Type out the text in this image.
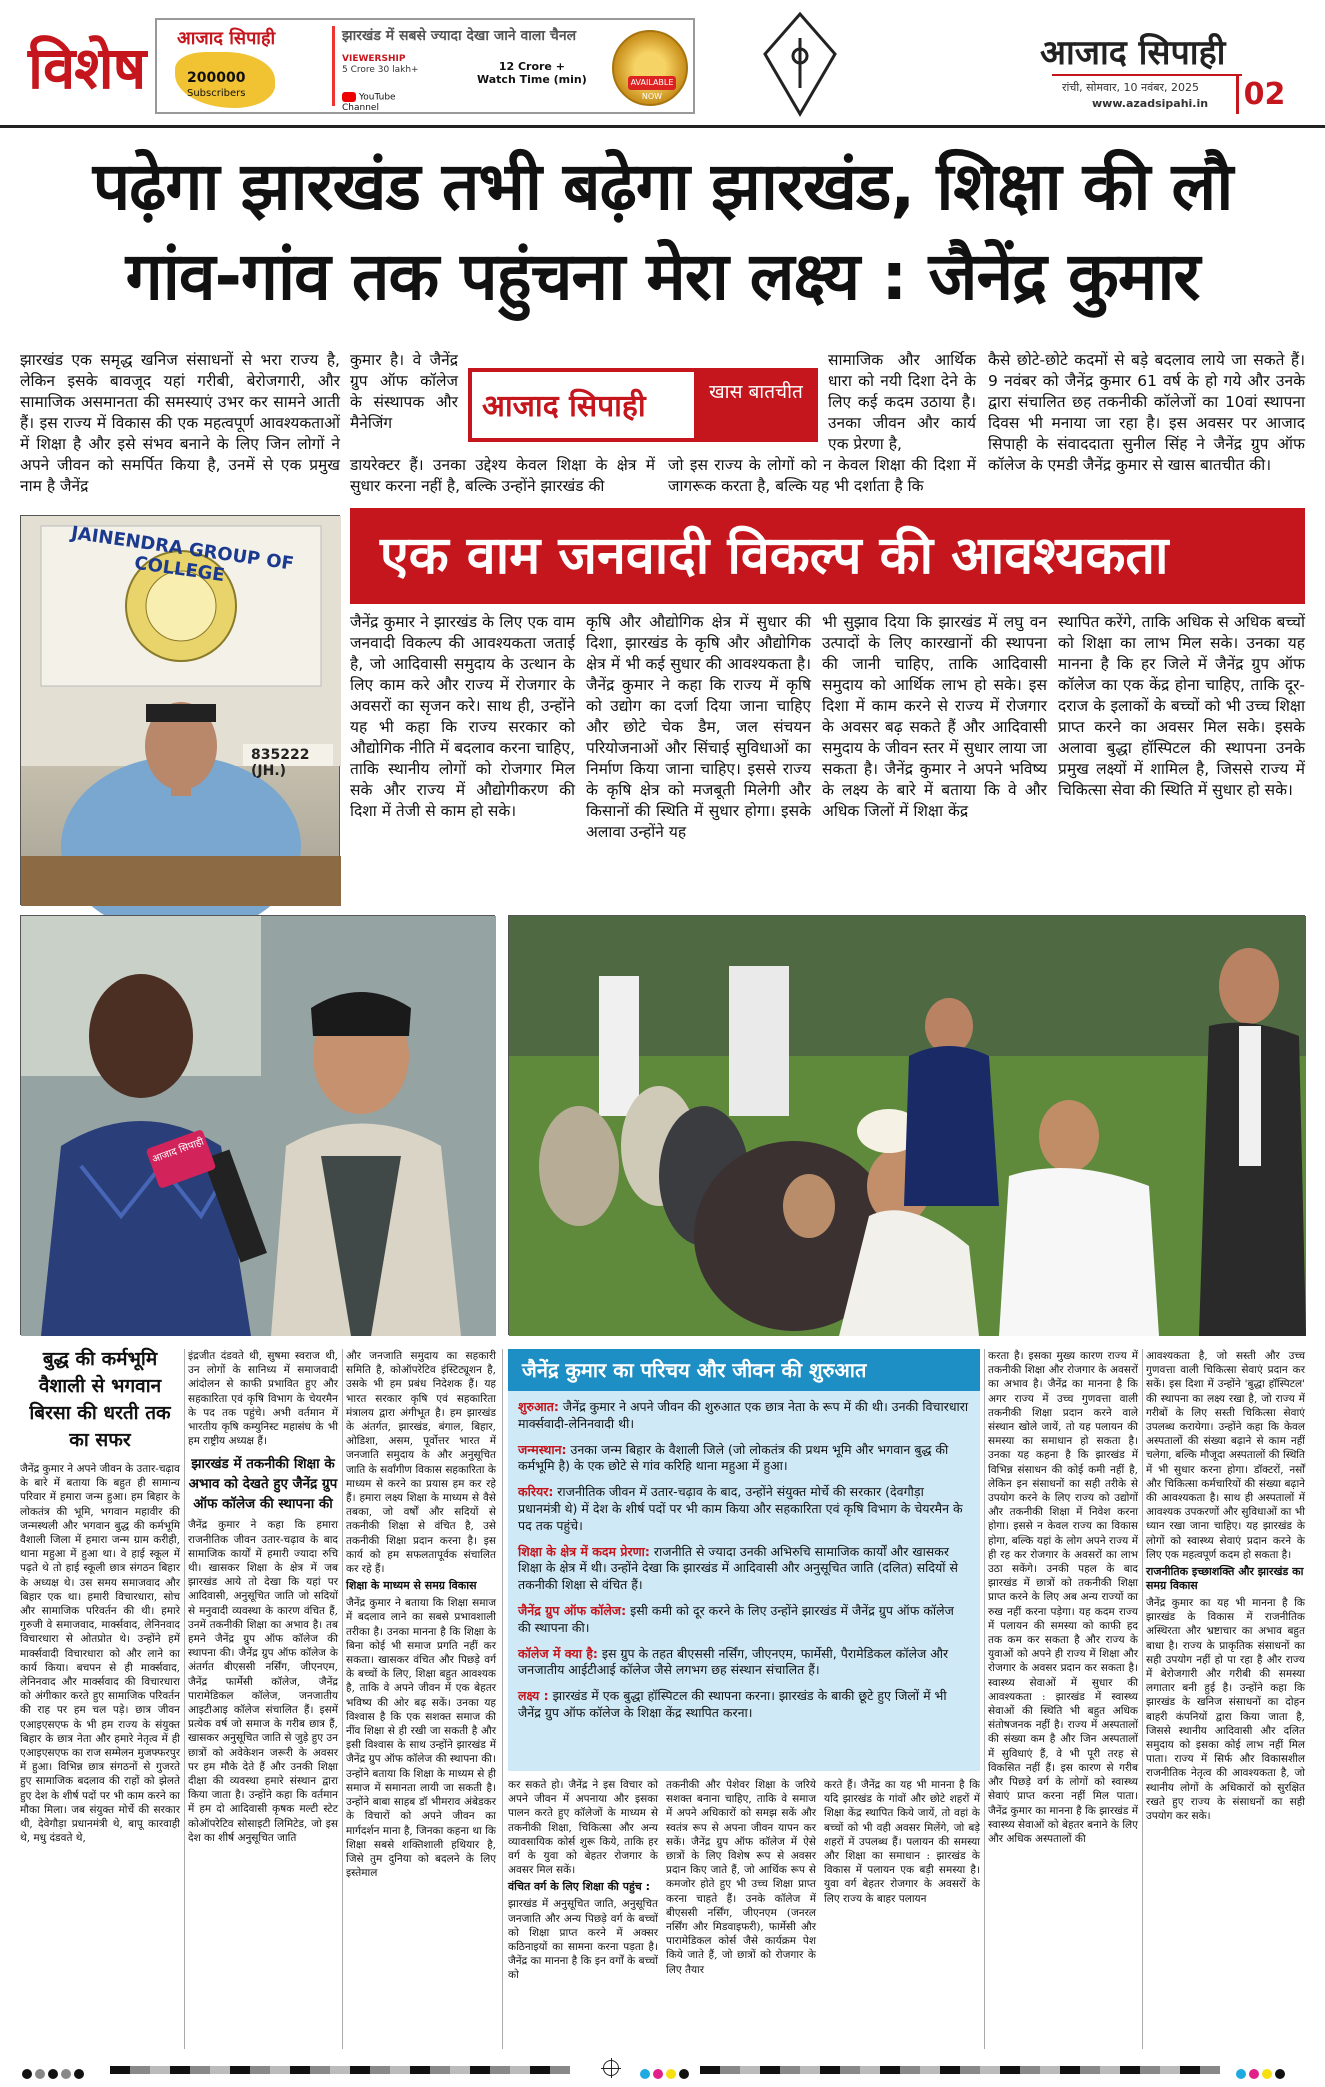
विशेष आजाद सिपाही	झारखंड में सबसे ज्यादा देखा जाने वाला चैनल
200000
Subscribers
VIEWERSHIP
5 Crore 30 lakh+	12 Crore +
Watch Time (min)
YouTube
Channel
AVAILABLE NOW
आजाद सिपाही
रांची, सोमवार, 10 नवंबर, 2025
www.azadsipahi.in 02
पढ़ेगा झारखंड तभी बढ़ेगा झारखंड, शिक्षा की लौ
गांव-गांव तक पहुंचना मेरा लक्ष्य : जैनेंद्र कुमार
झारखंड एक समृद्ध खनिज संसाधनों से भरा राज्य है, लेकिन इसके बावजूद यहां गरीबी, बेरोजगारी, और सामाजिक असमानता की समस्याएं उभर कर सामने आती हैं। इस राज्य में विकास की एक महत्वपूर्ण आवश्यकताओं में शिक्षा है और इसे संभव बनाने के लिए जिन लोगों ने अपने जीवन को समर्पित किया है, उनमें से एक प्रमुख नाम है जैनेंद्र
कुमार है। वे जैनेंद्र ग्रुप ऑफ कॉलेज के संस्थापक और मैनेजिंग
डायरेक्टर हैं। उनका उद्देश्य केवल शिक्षा के क्षेत्र में सुधार करना नहीं है, बल्कि उन्होंने झारखंड की
आजाद सिपाही	खास बातचीत
सामाजिक और आर्थिक धारा को नयी दिशा देने के लिए कई कदम उठाया है। उनका जीवन और कार्य एक प्रेरणा है,
जो इस राज्य के लोगों को न केवल शिक्षा की दिशा में जागरूक करता है, बल्कि यह भी दर्शाता है कि
कैसे छोटे-छोटे कदमों से बड़े बदलाव लाये जा सकते हैं। 9 नवंबर को जैनेंद्र कुमार 61 वर्ष के हो गये और उनके द्वारा संचालित छह तकनीकी कॉलेजों का 10वां स्थापना दिवस भी मनाया जा रहा है। इस अवसर पर आजाद सिपाही के संवाददाता सुनील सिंह ने जैनेंद्र ग्रुप ऑफ कॉलेज के एमडी जैनेंद्र कुमार से खास बातचीत की।
एक वाम जनवादी विकल्प की आवश्यकता
JAINENDRA GROUP OF COLLEGE
835222 (JH.)
जैनेंद्र कुमार ने झारखंड के लिए एक वाम जनवादी विकल्प की आवश्यकता जताई है, जो आदिवासी समुदाय के उत्थान के लिए काम करे और राज्य में रोजगार के अवसरों का सृजन करे। साथ ही, उन्होंने यह भी कहा कि राज्य सरकार को औद्योगिक नीति में बदलाव करना चाहिए, ताकि स्थानीय लोगों को रोजगार मिल सके और राज्य में औद्योगीकरण की दिशा में तेजी से काम हो सके।
कृषि और औद्योगिक क्षेत्र में सुधार की दिशा, झारखंड के कृषि और औद्योगिक क्षेत्र में भी कई सुधार की आवश्यकता है। जैनेंद्र कुमार ने कहा कि राज्य में कृषि को उद्योग का दर्जा दिया जाना चाहिए और छोटे चेक डैम, जल संचयन परियोजनाओं और सिंचाई सुविधाओं का निर्माण किया जाना चाहिए। इससे राज्य के कृषि क्षेत्र को मजबूती मिलेगी और किसानों की स्थिति में सुधार होगा। इसके अलावा उन्होंने यह
भी सुझाव दिया कि झारखंड में लघु वन उत्पादों के लिए कारखानों की स्थापना की जानी चाहिए, ताकि आदिवासी समुदाय को आर्थिक लाभ हो सके। इस दिशा में काम करने से राज्य में रोजगार के अवसर बढ़ सकते हैं और आदिवासी समुदाय के जीवन स्तर में सुधार लाया जा सकता है। जैनेंद्र कुमार ने अपने भविष्य के लक्ष्य के बारे में बताया कि वे और अधिक जिलों में शिक्षा केंद्र
स्थापित करेंगे, ताकि अधिक से अधिक बच्चों को शिक्षा का लाभ मिल सके। उनका यह मानना है कि हर जिले में जैनेंद्र ग्रुप ऑफ कॉलेज का एक केंद्र होना चाहिए, ताकि दूर-दराज के इलाकों के बच्चों को भी उच्च शिक्षा प्राप्त करने का अवसर मिल सके। इसके अलावा बुद्धा हॉस्पिटल की स्थापना उनके प्रमुख लक्ष्यों में शामिल है, जिससे राज्य में चिकित्सा सेवा की स्थिति में सुधार हो सके।
आजाद सिपाही
बुद्ध की कर्मभूमि वैशाली से भगवान बिरसा की धरती तक का सफर
जैनेंद्र कुमार ने अपने जीवन के उतार-चढ़ाव के बारे में बताया कि बहुत ही सामान्य परिवार में हमारा जन्म हुआ। हम बिहार के लोकतंत्र की भूमि, भगवान महावीर की जन्मस्थली और भगवान बुद्ध की कर्मभूमि वैशाली जिला में हमारा जन्म ग्राम करीही, थाना महुआ में हुआ था। वे हाई स्कूल में पढ़ते थे तो हाई स्कूली छात्र संगठन बिहार के अध्यक्ष थे। उस समय समाजवाद और बिहार एक था। हमारी विचारधारा, सोच और सामाजिक परिवर्तन की थी। हमारे गुरुजी वे समाजवाद, मार्क्सवाद, लेनिनवाद विचारधारा से ओतप्रोत थे। उन्होंने हमें मार्क्सवादी विचारधारा को और लाने का कार्य किया। बचपन से ही मार्क्सवाद, लेनिनवाद और मार्क्सवाद की विचारधारा को अंगीकार करते हुए सामाजिक परिवर्तन की राह पर हम चल पड़े। छात्र जीवन एआइएसएफ के भी हम राज्य के संयुक्त बिहार के छात्र नेता और हमारे नेतृत्व में ही एआइएसएफ का राज सम्मेलन मुजफ्फरपुर में हुआ। विभिन्न छात्र संगठनों से गुजरते हुए सामाजिक बदलाव की राहों को झेलते हुए देश के शीर्ष पदों पर भी काम करने का मौका मिला। जब संयुक्त मोर्चे की सरकार थी, देवेगौड़ा प्रधानमंत्री थे, बापू कारवाही थे, मधु दंडवते थे,
इंद्रजीत दंडवते थी, सुषमा स्वराज थी, उन लोगों के सानिध्य में समाजवादी आंदोलन से काफी प्रभावित हुए और सहकारिता एवं कृषि विभाग के चेयरमैन के पद तक पहुंचे। अभी वर्तमान में भारतीय कृषि कम्युनिस्ट महासंघ के भी हम राष्ट्रीय अध्यक्ष हैं।
झारखंड में तकनीकी शिक्षा के अभाव को देखते हुए जैनेंद्र ग्रुप ऑफ कॉलेज की स्थापना की
जैनेंद्र कुमार ने कहा कि हमारा राजनीतिक जीवन उतार-चढ़ाव के बाद सामाजिक कार्यों में हमारी ज्यादा रुचि थी। खासकर शिक्षा के क्षेत्र में जब झारखंड आये तो देखा कि यहां पर आदिवासी, अनुसूचित जाति जो सदियों से मनुवादी व्यवस्था के कारण वंचित हैं, उनमें तकनीकी शिक्षा का अभाव है। तब हमने जैनेंद्र ग्रुप ऑफ कॉलेज की स्थापना की। जैनेंद्र ग्रुप ऑफ कॉलेज के अंतर्गत बीएससी नर्सिंग, जीएनएम, जैनेंद्र फार्मेसी कॉलेज, जैनेंद्र पारामेडिकल कॉलेज, जनजातीय आइटीआइ कॉलेज संचालित हैं। इसमें प्रत्येक वर्ष जो समाज के गरीब छात्र हैं, खासकर अनुसूचित जाति से जुड़े हुए उन छात्रों को अवेकेशन जरूरी के अवसर पर हम मौके देते हैं और उनकी शिक्षा दीक्षा की व्यवस्था हमारे संस्थान द्वारा किया जाता है। उन्होंने कहा कि वर्तमान में हम दो आदिवासी कृषक मल्टी स्टेट कोऑपरेटिव सोसाइटी लिमिटेड, जो इस देश का शीर्ष अनुसूचित जाति
और जनजाति समुदाय का सहकारी समिति है, कोऑपरेटिव इंस्टिट्यूशन है, उसके भी हम प्रबंध निदेशक हैं। यह भारत सरकार कृषि एवं सहकारिता मंत्रालय द्वारा अंगीभूत है। हम झारखंड के अंतर्गत, झारखंड, बंगाल, बिहार, ओडिशा, असम, पूर्वोत्तर भारत में जनजाति समुदाय के और अनुसूचित जाति के सर्वांगीण विकास सहकारिता के माध्यम से करने का प्रयास हम कर रहे हैं। हमारा लक्ष्य शिक्षा के माध्यम से वैसे तबका, जो वर्षों और सदियों से तकनीकी शिक्षा से वंचित है, उसे तकनीकी शिक्षा प्रदान करना है। इस कार्य को हम सफलतापूर्वक संचालित कर रहे हैं।
शिक्षा के माध्यम से समग्र विकास
जैनेंद्र कुमार ने बताया कि शिक्षा समाज में बदलाव लाने का सबसे प्रभावशाली तरीका है। उनका मानना है कि शिक्षा के बिना कोई भी समाज प्रगति नहीं कर सकता। खासकर वंचित और पिछड़े वर्ग के बच्चों के लिए, शिक्षा बहुत आवश्यक है, ताकि वे अपने जीवन में एक बेहतर भविष्य की ओर बढ़ सकें। उनका यह विश्वास है कि एक सशक्त समाज की नींव शिक्षा से ही रखी जा सकती है और इसी विश्वास के साथ उन्होंने झारखंड में जैनेंद्र ग्रुप ऑफ कॉलेज की स्थापना की। उन्होंने बताया कि शिक्षा के माध्यम से ही समाज में समानता लायी जा सकती है। उन्होंने बाबा साहब डॉ भीमराव अंबेडकर के विचारों को अपने जीवन का मार्गदर्शन माना है, जिनका कहना था कि शिक्षा सबसे शक्तिशाली हथियार है, जिसे तुम दुनिया को बदलने के लिए इस्तेमाल
जैनेंद्र कुमार का परिचय और जीवन की शुरुआत

शुरुआत: जैनेंद्र कुमार ने अपने जीवन की शुरुआत एक छात्र नेता के रूप में की थी। उनकी विचारधारा मार्क्सवादी-लेनिनवादी थी।

जन्मस्थान: उनका जन्म बिहार के वैशाली जिले (जो लोकतंत्र की प्रथम भूमि और भगवान बुद्ध की कर्मभूमि है) के एक छोटे से गांव करिहि थाना महुआ में हुआ।

करियर: राजनीतिक जीवन में उतार-चढ़ाव के बाद, उन्होंने संयुक्त मोर्चे की सरकार (देवगौड़ा प्रधानमंत्री थे) में देश के शीर्ष पदों पर भी काम किया और सहकारिता एवं कृषि विभाग के चेयरमैन के पद तक पहुंचे।

शिक्षा के क्षेत्र में कदम प्रेरणा: राजनीति से ज्यादा उनकी अभिरुचि सामाजिक कार्यों और खासकर शिक्षा के क्षेत्र में थी। उन्होंने देखा कि झारखंड में आदिवासी और अनुसूचित जाति (दलित) सदियों से तकनीकी शिक्षा से वंचित हैं।

जैनेंद्र ग्रुप ऑफ कॉलेज: इसी कमी को दूर करने के लिए उन्होंने झारखंड में जैनेंद्र ग्रुप ऑफ कॉलेज की स्थापना की।

कॉलेज में क्या है: इस ग्रुप के तहत बीएससी नर्सिंग, जीएनएम, फार्मेसी, पैरामेडिकल कॉलेज और जनजातीय आईटीआई कॉलेज जैसे लगभग छह संस्थान संचालित हैं।

लक्ष्य : झारखंड में एक बुद्धा हॉस्पिटल की स्थापना करना। झारखंड के बाकी छूटे हुए जिलों में भी जैनेंद्र ग्रुप ऑफ कॉलेज के शिक्षा केंद्र स्थापित करना।

कर सकते हो। जैनेंद्र ने इस विचार को अपने जीवन में अपनाया और इसका पालन करते हुए कॉलेजों के माध्यम से तकनीकी शिक्षा, चिकित्सा और अन्य व्यावसायिक कोर्स शुरू किये, ताकि हर वर्ग के युवा को बेहतर रोजगार के अवसर मिल सकें।
वंचित वर्ग के लिए शिक्षा की पहुंच :
झारखंड में अनुसूचित जाति, अनुसूचित जनजाति और अन्य पिछड़े वर्ग के बच्चों को शिक्षा प्राप्त करने में अक्सर कठिनाइयों का सामना करना पड़ता है। जैनेंद्र का मानना है कि इन वर्गों के बच्चों को
तकनीकी और पेशेवर शिक्षा के जरिये सशक्त बनाना चाहिए, ताकि वे समाज में अपने अधिकारों को समझ सकें और स्वतंत्र रूप से अपना जीवन यापन कर सकें। जैनेंद्र ग्रुप ऑफ कॉलेज में ऐसे छात्रों के लिए विशेष रूप से अवसर प्रदान किए जाते हैं, जो आर्थिक रूप से कमजोर होते हुए भी उच्च शिक्षा प्राप्त करना चाहते हैं। उनके कॉलेज में बीएससी नर्सिंग, जीएनएम (जनरल नर्सिंग और मिडवाइफरी), फार्मेसी और पारामेडिकल कोर्स जैसे कार्यक्रम पेश किये जाते हैं, जो छात्रों को रोजगार के लिए तैयार
करते हैं। जैनेंद्र का यह भी मानना है कि यदि झारखंड के गांवों और छोटे शहरों में शिक्षा केंद्र स्थापित किये जायें, तो वहां के बच्चों को भी वही अवसर मिलेंगे, जो बड़े शहरों में उपलब्ध हैं। पलायन की समस्या और शिक्षा का समाधान : झारखंड के विकास में पलायन एक बड़ी समस्या है। युवा वर्ग बेहतर रोजगार के अवसरों के लिए राज्य के बाहर पलायन
करता है। इसका मुख्य कारण राज्य में तकनीकी शिक्षा और रोजगार के अवसरों का अभाव है। जैनेंद्र का मानना है कि अगर राज्य में उच्च गुणवत्ता वाली तकनीकी शिक्षा प्रदान करने वाले संस्थान खोले जायें, तो यह पलायन की समस्या का समाधान हो सकता है। उनका यह कहना है कि झारखंड में विभिन्न संसाधन की कोई कमी नहीं है, लेकिन इन संसाधनों का सही तरीके से उपयोग करने के लिए राज्य को उद्योगों और तकनीकी शिक्षा में निवेश करना होगा। इससे न केवल राज्य का विकास होगा, बल्कि यहां के लोग अपने राज्य में ही रह कर रोजगार के अवसरों का लाभ उठा सकेंगे। उनकी पहल के बाद झारखंड में छात्रों को तकनीकी शिक्षा प्राप्त करने के लिए अब अन्य राज्यों का रुख नहीं करना पड़ेगा। यह कदम राज्य में पलायन की समस्या को काफी हद तक कम कर सकता है और राज्य के युवाओं को अपने ही राज्य में शिक्षा और रोजगार के अवसर प्रदान कर सकता है। स्वास्थ्य सेवाओं में सुधार की आवश्यकता : झारखंड में स्वास्थ्य सेवाओं की स्थिति भी बहुत अधिक संतोषजनक नहीं है। राज्य में अस्पतालों की संख्या कम है और जिन अस्पतालों में सुविधाएं हैं, वे भी पूरी तरह से विकसित नहीं हैं। इस कारण से गरीब और पिछड़े वर्ग के लोगों को स्वास्थ्य सेवाएं प्राप्त करना नहीं मिल पाता। जैनेंद्र कुमार का मानना है कि झारखंड में स्वास्थ्य सेवाओं को बेहतर बनाने के लिए और अधिक अस्पतालों की
आवश्यकता है, जो सस्ती और उच्च गुणवत्ता वाली चिकित्सा सेवाएं प्रदान कर सकें। इस दिशा में उन्होंने 'बुद्धा हॉस्पिटल' की स्थापना का लक्ष्य रखा है, जो राज्य में गरीबों के लिए सस्ती चिकित्सा सेवाएं उपलब्ध करायेगा। उन्होंने कहा कि केवल अस्पतालों की संख्या बढ़ाने से काम नहीं चलेगा, बल्कि मौजूदा अस्पतालों की स्थिति में भी सुधार करना होगा। डॉक्टरों, नर्सों और चिकित्सा कर्मचारियों की संख्या बढ़ाने की आवश्यकता है। साथ ही अस्पतालों में आवश्यक उपकरणों और सुविधाओं का भी ध्यान रखा जाना चाहिए। यह झारखंड के लोगों को स्वास्थ्य सेवाएं प्रदान करने के लिए एक महत्वपूर्ण कदम हो सकता है।
राजनीतिक इच्छाशक्ति और झारखंड का समग्र विकास
जैनेंद्र कुमार का यह भी मानना है कि झारखंड के विकास में राजनीतिक अस्थिरता और भ्रष्टाचार का अभाव बहुत बाधा है। राज्य के प्राकृतिक संसाधनों का सही उपयोग नहीं हो पा रहा है और राज्य में बेरोजगारी और गरीबी की समस्या लगातार बनी हुई है। उन्होंने कहा कि झारखंड के खनिज संसाधनों का दोहन बाहरी कंपनियों द्वारा किया जाता है, जिससे स्थानीय आदिवासी और दलित समुदाय को इसका कोई लाभ नहीं मिल पाता। राज्य में सिर्फ और विकासशील राजनीतिक नेतृत्व की आवश्यकता है, जो स्थानीय लोगों के अधिकारों को सुरक्षित रखते हुए राज्य के संसाधनों का सही उपयोग कर सके।
